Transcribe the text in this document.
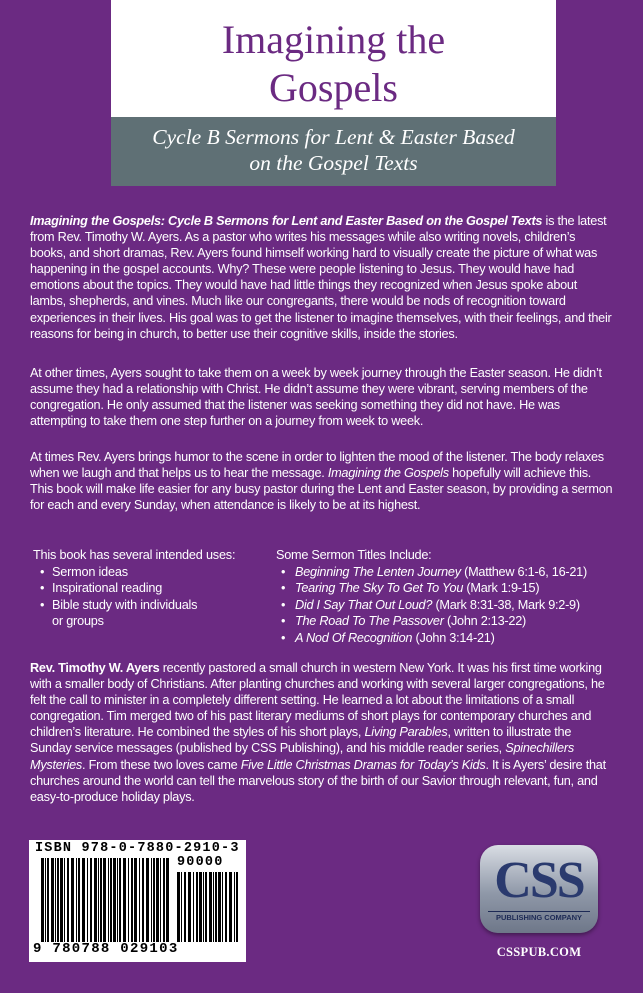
Imagining the
Gospels
Cycle B Sermons for Lent & Easter Based
on the Gospel Texts

Imagining the Gospels: Cycle B Sermons for Lent and Easter Based on the Gospel Texts is the latest from Rev. Timothy W. Ayers. As a pastor who writes his messages while also writing novels, children’s books, and short dramas, Rev. Ayers found himself working hard to visually create the picture of what was happening in the gospel accounts. Why? These were people listening to Jesus. They would have had emotions about the topics. They would have had little things they recognized when Jesus spoke about lambs, shepherds, and vines. Much like our congregants, there would be nods of recognition toward experiences in their lives. His goal was to get the listener to imagine themselves, with their feelings, and their reasons for being in church, to better use their cognitive skills, inside the stories.

At other times, Ayers sought to take them on a week by week journey through the Easter season. He didn’t assume they had a relationship with Christ. He didn’t assume they were vibrant, serving members of the congregation. He only assumed that the listener was seeking something they did not have. He was attempting to take them one step further on a journey from week to week.

At times Rev. Ayers brings humor to the scene in order to lighten the mood of the listener. The body relaxes when we laugh and that helps us to hear the message. Imagining the Gospels hopefully will achieve this.

This book will make life easier for any busy pastor during the Lent and Easter season, by providing a sermon for each and every Sunday, when attendance is likely to be at its highest.

This book has several intended uses:
• Sermon ideas
• Inspirational reading
• Bible study with individuals
or groups
Some Sermon Titles Include:
• Beginning The Lenten Journey (Matthew 6:1-6, 16-21)
• Tearing The Sky To Get To You (Mark 1:9-15)
• Did I Say That Out Loud? (Mark 8:31-38, Mark 9:2-9)
• The Road To The Passover (John 2:13-22)
• A Nod Of Recognition (John 3:14-21)

Rev. Timothy W. Ayers recently pastored a small church in western New York. It was his first time working with a smaller body of Christians. After planting churches and working with several larger congregations, he felt the call to minister in a completely different setting. He learned a lot about the limitations of a small congregation. Tim merged two of his past literary mediums of short plays for contemporary churches and children’s literature. He combined the styles of his short plays, Living Parables, written to illustrate the Sunday service messages (published by CSS Publishing), and his middle reader series, Spinechillers Mysteries. From these two loves came Five Little Christmas Dramas for Today’s Kids. It is Ayers’ desire that churches around the world can tell the marvelous story of the birth of our Savior through relevant, fun, and easy-to-produce holiday plays.

ISBN 978-0-7880-2910-3
90000
9 780788 029103
CSS
PUBLISHING COMPANY
CSSPUB.COM
